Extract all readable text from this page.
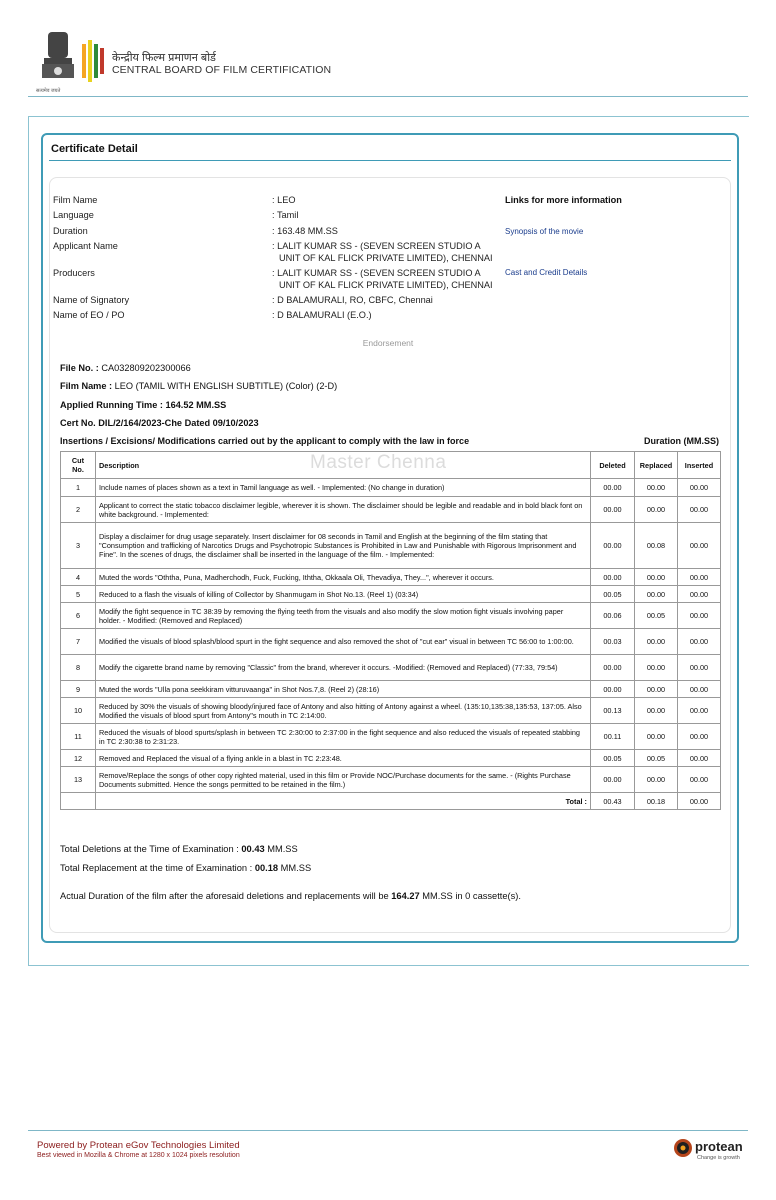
केन्द्रीय फिल्म प्रमाणन बोर्ड
CENTRAL BOARD OF FILM CERTIFICATION
सत्यमेव जयते
Certificate Detail
Film Name	: LEO
Language	: Tamil
Duration	: 163.48 MM.SS
Applicant Name	: LALIT KUMAR SS - (SEVEN SCREEN STUDIO A
UNIT OF KAL FLICK PRIVATE LIMITED), CHENNAI
Producers	: LALIT KUMAR SS - (SEVEN SCREEN STUDIO A
UNIT OF KAL FLICK PRIVATE LIMITED), CHENNAI
Name of Signatory	: D BALAMURALI, RO, CBFC, Chennai
Name of EO / PO	: D BALAMURALI (E.O.)
Links for more information
Synopsis of the movie
Cast and Credit Details
Endorsement
File No. : CA032809202300066
Film Name : LEO (TAMIL WITH ENGLISH SUBTITLE) (Color) (2-D)
Applied Running Time : 164.52 MM.SS
Cert No. DIL/2/164/2023-Che Dated 09/10/2023
Insertions / Excisions/ Modifications carried out by the applicant to comply with the law in force	Duration (MM.SS)
Cut
No.	Description	Deleted	Replaced	Inserted
1	Include names of places shown as a text in Tamil language as well. - Implemented: (No change in duration)	00.00	00.00	00.00
2	Applicant to correct the static tobacco disclaimer legible, wherever it is shown. The disclaimer should be legible and readable and in bold black font on white background. - Implemented:	00.00	00.00	00.00
3	Display a disclaimer for drug usage separately. Insert disclaimer for 08 seconds in Tamil and English at the beginning of the film stating that "Consumption and trafficking of Narcotics Drugs and Psychotropic Substances is Prohibited in Law and Punishable with Rigorous Imprisonment and Fine". In the scenes of drugs, the disclaimer shall be inserted in the language of the film. - Implemented:	00.00	00.08	00.00
4	Muted the words "Oththa, Puna, Madherchodh, Fuck, Fucking, Iththa, Okkaala Oli, Thevadiya, They...", wherever it occurs.	00.00	00.00	00.00
5	Reduced to a flash the visuals of killing of Collector by Shanmugam in Shot No.13. (Reel 1) (03:34)	00.05	00.00	00.00
6	Modify the fight sequence in TC 38:39 by removing the flying teeth from the visuals and also modify the slow motion fight visuals involving paper holder. - Modified: (Removed and Replaced)	00.06	00.05	00.00
7	Modified the visuals of blood splash/blood spurt in the fight sequence and also removed the shot of "cut ear" visual in between TC 56:00 to 1:00:00.	00.03	00.00	00.00
8	Modify the cigarette brand name by removing "Classic" from the brand, wherever it occurs. -Modified: (Removed and Replaced) (77:33, 79:54)	00.00	00.00	00.00
9	Muted the words "Ulla pona seekkiram vitturuvaanga" in Shot Nos.7,8. (Reel 2) (28:16)	00.00	00.00	00.00
10	Reduced by 30% the visuals of showing bloody/injured face of Antony and also hitting of Antony against a wheel. (135:10,135:38,135:53, 137:05. Also Modified the visuals of blood spurt from Antony"s mouth in TC 2:14:00.	00.13	00.00	00.00
11	Reduced the visuals of blood spurts/splash in between TC 2:30:00 to 2:37:00 in the fight sequence and also reduced the visuals of repeated stabbing in TC 2:30:38 to 2:31:23.	00.11	00.00	00.00
12	Removed and Replaced the visual of a flying ankle in a blast in TC 2:23:48.	00.05	00.05	00.00
13	Remove/Replace the songs of other copy righted material, used in this film or Provide NOC/Purchase documents for the same. - (Rights Purchase Documents submitted. Hence the songs permitted to be retained in the film.)	00.00	00.00	00.00
	Total :	00.43	00.18	00.00
Master Chenna
Total Deletions at the Time of Examination : 00.43 MM.SS
Total Replacement at the time of Examination : 00.18 MM.SS
Actual Duration of the film after the aforesaid deletions and replacements will be 164.27 MM.SS in 0 cassette(s).
Powered by Protean eGov Technologies Limited
Best viewed in Mozilla & Chrome at 1280 x 1024 pixels resolution
protean
Change is growth
